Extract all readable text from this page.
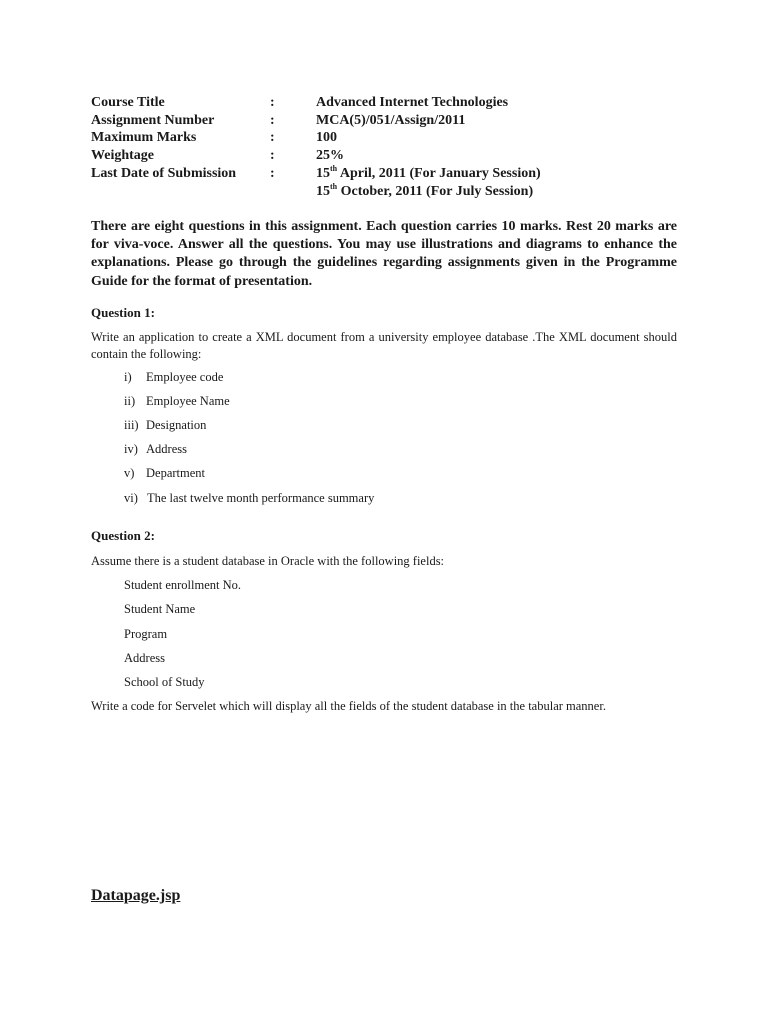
Course Title	:	Advanced Internet Technologies
Assignment Number	:	MCA(5)/051/Assign/2011
Maximum Marks	:	100
Weightage	:	25%
Last Date of Submission :	15th April, 2011 (For January Session)
15th October, 2011 (For July Session)
There are eight questions in this assignment. Each question carries 10 marks. Rest 20 marks are for viva-voce. Answer all the questions. You may use illustrations and diagrams to enhance the explanations. Please go through the guidelines regarding assignments given in the Programme Guide for the format of presentation.
Question 1:
Write an application to create a XML document from a university employee database .The XML document should contain the following:
i) Employee code
ii) Employee Name
iii) Designation
iv) Address
v) Department
vi) The last twelve month performance summary
Question 2:
Assume there is a student database in Oracle with the following fields:
Student enrollment No.
Student Name
Program
Address
School of Study
Write a code for Servelet which will display all the fields of the student database in the tabular manner.
Datapage.jsp
